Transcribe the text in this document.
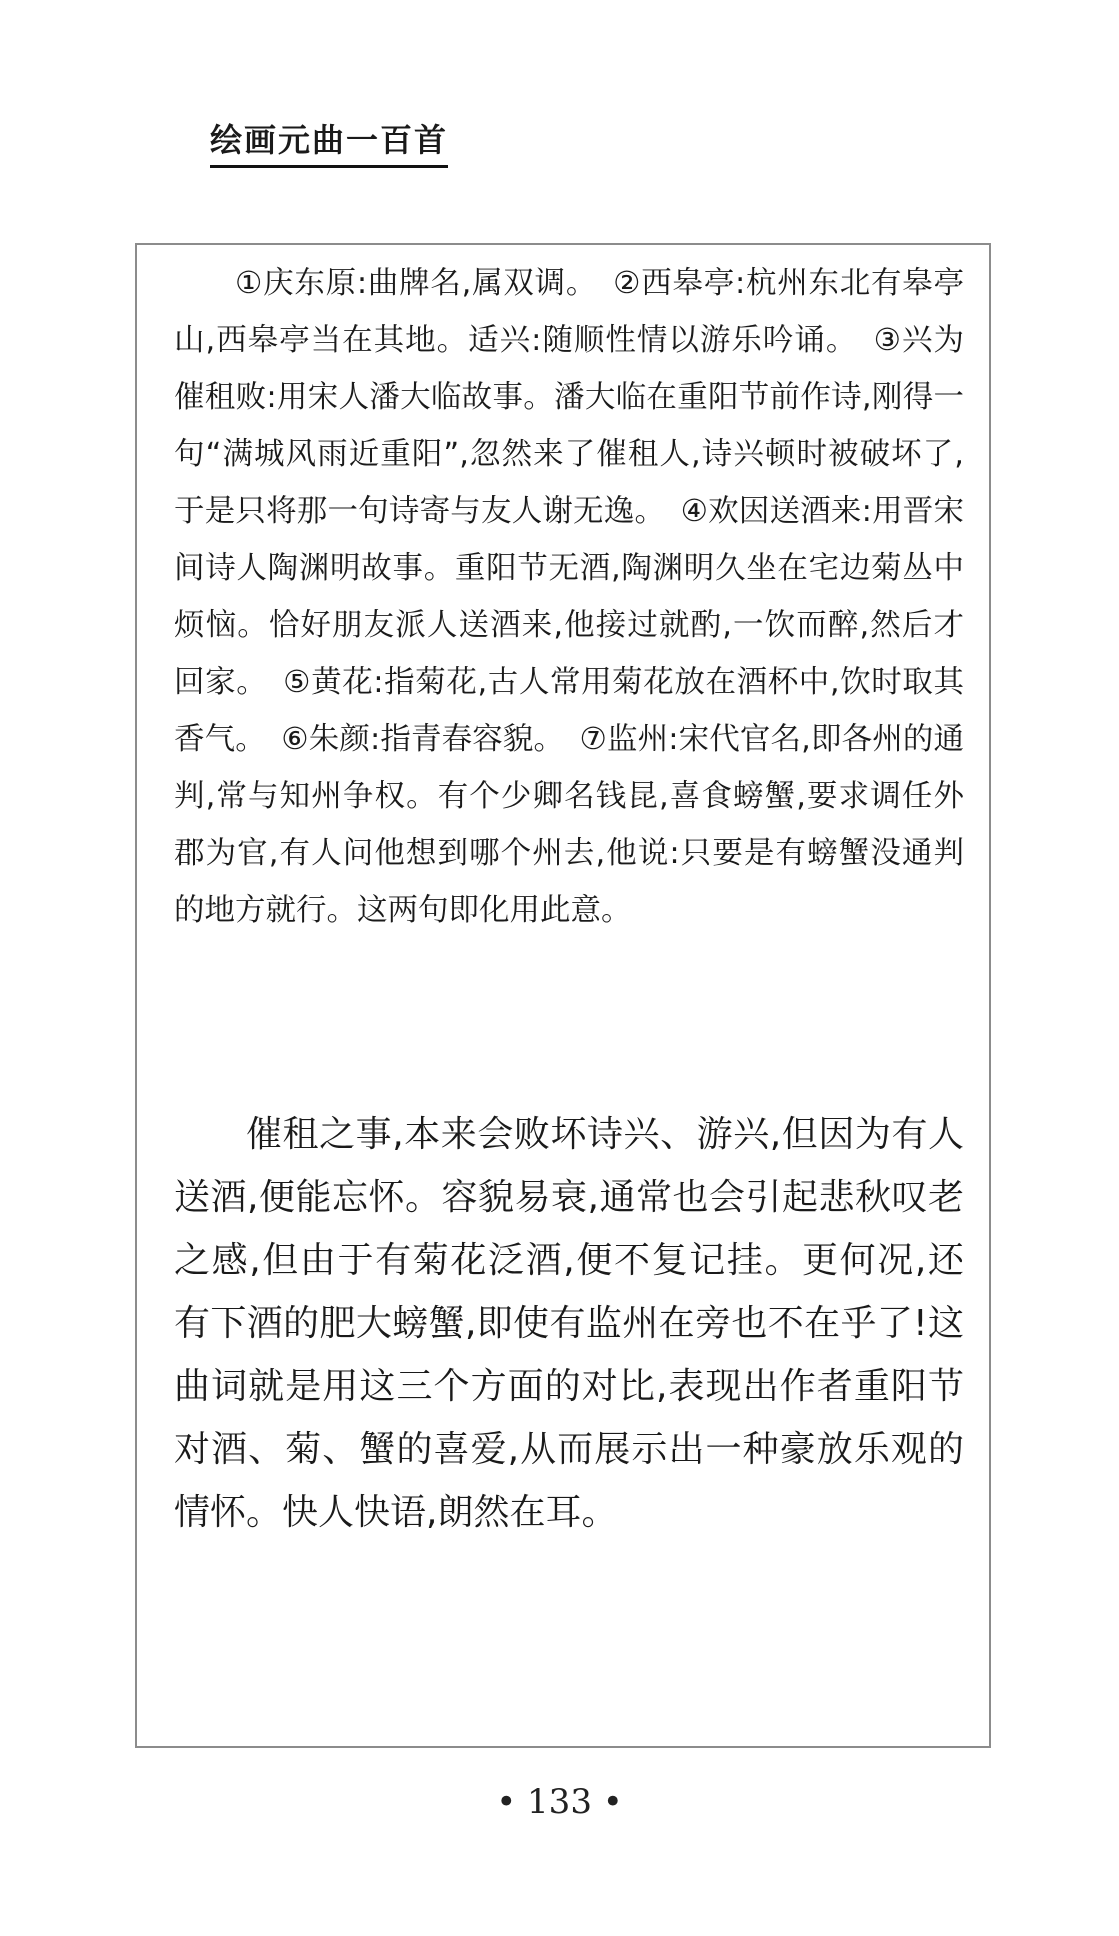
绘画元曲一百首

①庆东原:曲牌名,属双调。　②西皋亭:杭州东北有皋亭山,西皋亭当在其地。适兴:随顺性情以游乐吟诵。　③兴为催租败:用宋人潘大临故事。潘大临在重阳节前作诗,刚得一句“满城风雨近重阳”,忽然来了催租人,诗兴顿时被破坏了,于是只将那一句诗寄与友人谢无逸。　④欢因送酒来:用晋宋间诗人陶渊明故事。重阳节无酒,陶渊明久坐在宅边菊丛中烦恼。恰好朋友派人送酒来,他接过就酌,一饮而醉,然后才回家。　⑤黄花:指菊花,古人常用菊花放在酒杯中,饮时取其香气。　⑥朱颜:指青春容貌。　⑦监州:宋代官名,即各州的通判,常与知州争权。有个少卿名钱昆,喜食螃蟹,要求调任外郡为官,有人问他想到哪个州去,他说:只要是有螃蟹没通判的地方就行。这两句即化用此意。

催租之事,本来会败坏诗兴、游兴,但因为有人送酒,便能忘怀。容貌易衰,通常也会引起悲秋叹老之感,但由于有菊花泛酒,便不复记挂。更何况,还有下酒的肥大螃蟹,即使有监州在旁也不在乎了!这曲词就是用这三个方面的对比,表现出作者重阳节对酒、菊、蟹的喜爱,从而展示出一种豪放乐观的情怀。快人快语,朗然在耳。

• 133 •
